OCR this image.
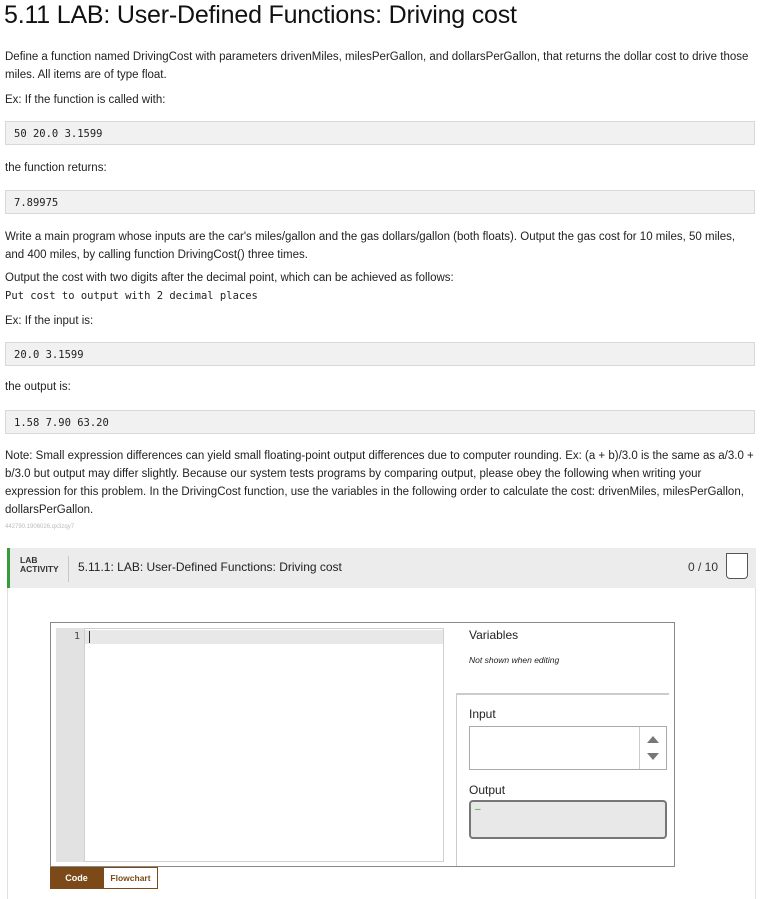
5.11 LAB: User-Defined Functions: Driving cost
Define a function named DrivingCost with parameters drivenMiles, milesPerGallon, and dollarsPerGallon, that returns the dollar cost to drive those miles. All items are of type float.
Ex: If the function is called with:
50 20.0 3.1599
the function returns:
7.89975
Write a main program whose inputs are the car's miles/gallon and the gas dollars/gallon (both floats). Output the gas cost for 10 miles, 50 miles, and 400 miles, by calling function DrivingCost() three times.
Output the cost with two digits after the decimal point, which can be achieved as follows:
Put cost to output with 2 decimal places
Ex: If the input is:
20.0 3.1599
the output is:
1.58 7.90 63.20
Note: Small expression differences can yield small floating-point output differences due to computer rounding. Ex: (a + b)/3.0 is the same as a/3.0 + b/3.0 but output may differ slightly. Because our system tests programs by comparing output, please obey the following when writing your expression for this problem. In the DrivingCost function, use the variables in the following order to calculate the cost: drivenMiles, milesPerGallon, dollarsPerGallon.
442790.1906026.qx3zqy7
LAB
ACTIVITY 5.11.1: LAB: User-Defined Functions: Driving cost	0 / 10
1	Variables
Not shown when editing
Input
Output
–
Code	Flowchart
